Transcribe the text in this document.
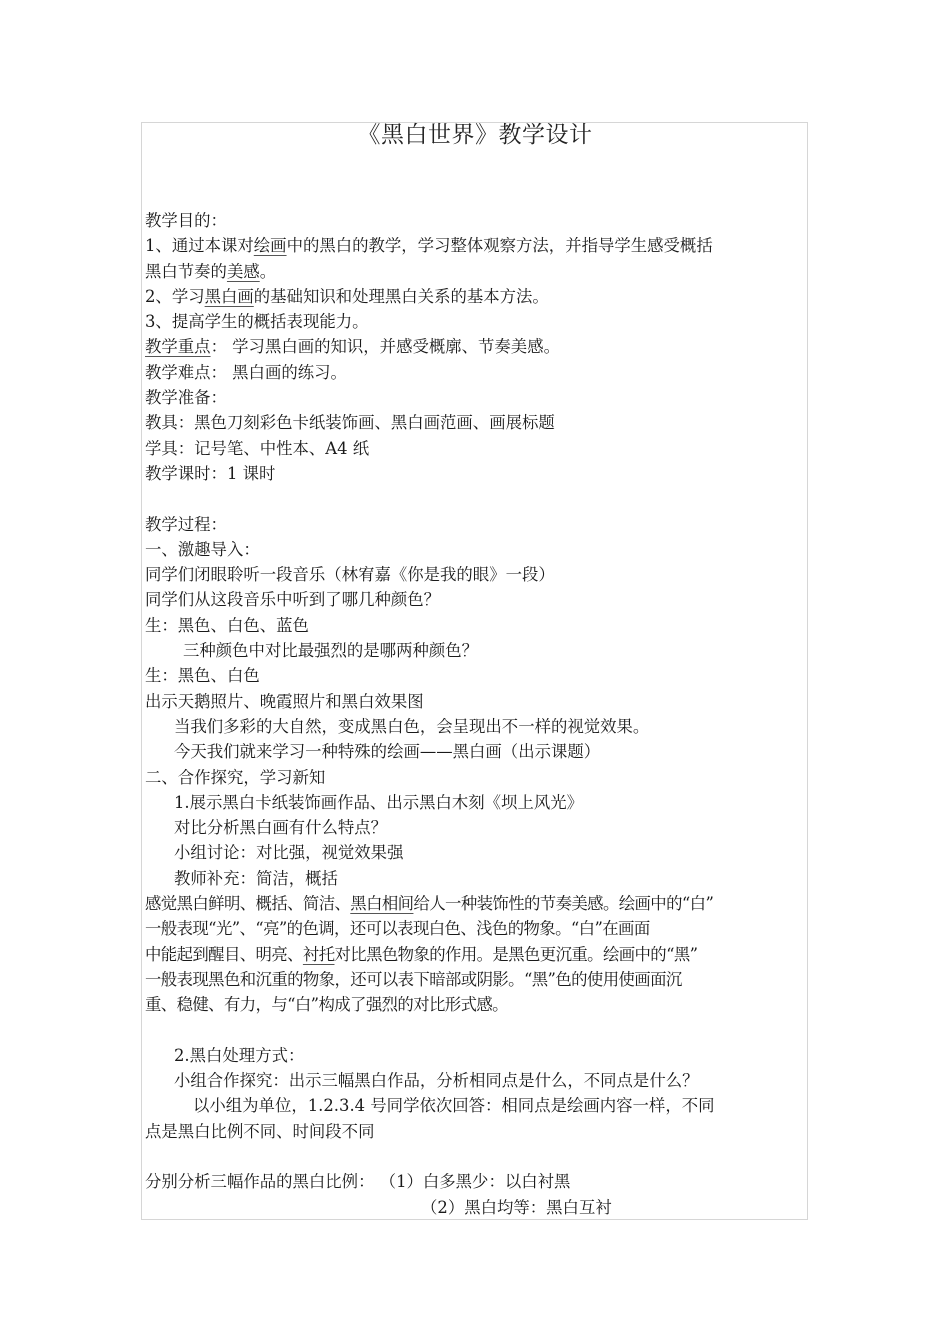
《黑白世界》教学设计
教学目的：
1、通过本课对绘画中的黑白的教学，学习整体观察方法，并指导学生感受概括
黑白节奏的美感。
2、学习黑白画的基础知识和处理黑白关系的基本方法。
3、提高学生的概括表现能力。
教学重点： 学习黑白画的知识，并感受概廓、节奏美感。
教学难点： 黑白画的练习。
教学准备：
教具：黑色刀刻彩色卡纸装饰画、黑白画范画、画展标题
学具：记号笔、中性本、A4 纸
教学课时：1 课时
教学过程：
一、激趣导入：
同学们闭眼聆听一段音乐（林宥嘉《你是我的眼》一段）
同学们从这段音乐中听到了哪几种颜色？
生：黑色、白色、蓝色
三种颜色中对比最强烈的是哪两种颜色？
生：黑色、白色
出示天鹅照片、晚霞照片和黑白效果图
当我们多彩的大自然，变成黑白色，会呈现出不一样的视觉效果。
今天我们就来学习一种特殊的绘画——黑白画（出示课题）
二、合作探究，学习新知
1.展示黑白卡纸装饰画作品、出示黑白木刻《坝上风光》
对比分析黑白画有什么特点？
小组讨论：对比强，视觉效果强
教师补充：简洁，概括
感觉黑白鲜明、概括、简洁、黑白相间给人一种装饰性的节奏美感。绘画中的“白”
一般表现“光”、“亮”的色调，还可以表现白色、浅色的物象。“白”在画面
中能起到醒目、明亮、衬托对比黑色物象的作用。是黑色更沉重。绘画中的“黑”
一般表现黑色和沉重的物象，还可以表下暗部或阴影。“黑”色的使用使画面沉
重、稳健、有力，与“白”构成了强烈的对比形式感。
2.黑白处理方式：
小组合作探究：出示三幅黑白作品，分析相同点是什么，不同点是什么？
以小组为单位，1.2.3.4 号同学依次回答：相同点是绘画内容一样，不同
点是黑白比例不同、时间段不同
分别分析三幅作品的黑白比例： （1）白多黑少：以白衬黑
（2）黑白均等：黑白互衬
